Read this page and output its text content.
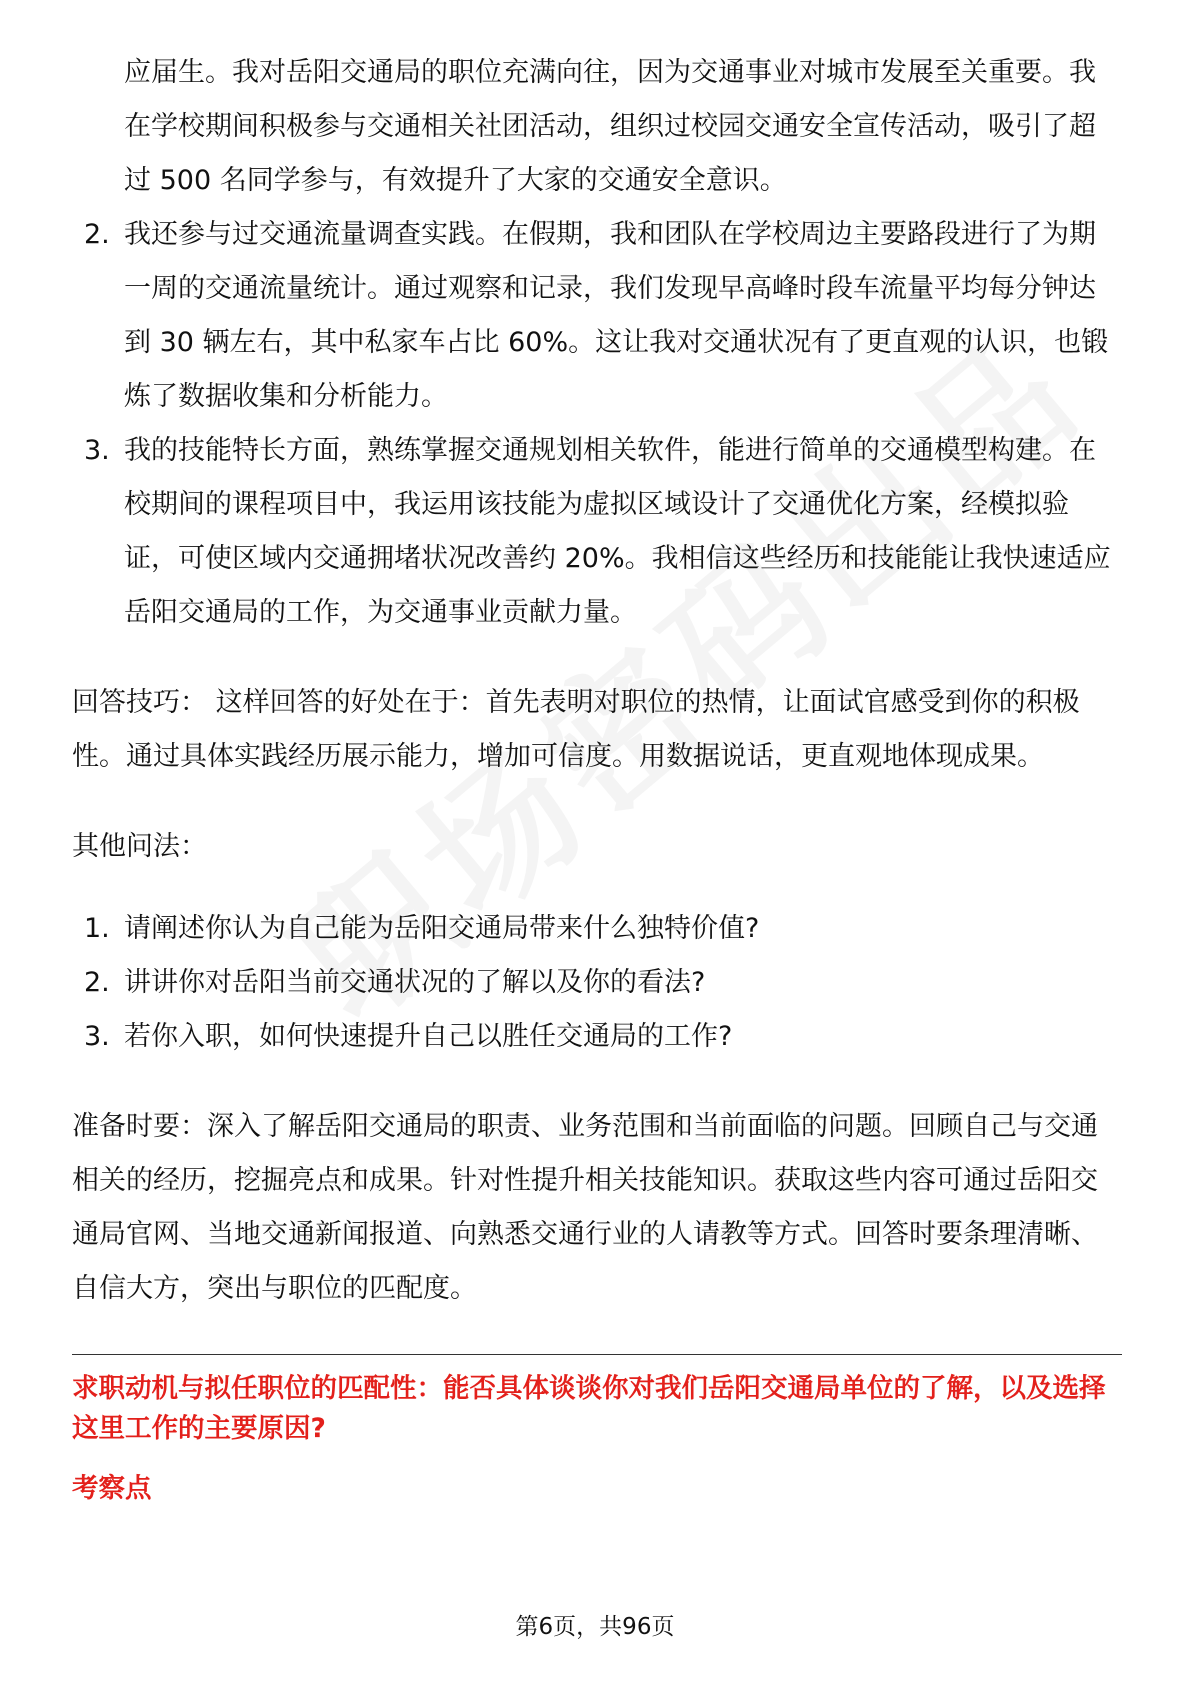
应届生。我对岳阳交通局的职位充满向往，因为交通事业对城市发展至关重要。我在学校期间积极参与交通相关社团活动，组织过校园交通安全宣传活动，吸引了超过 500 名同学参与，有效提升了大家的交通安全意识。
2. 我还参与过交通流量调查实践。在假期，我和团队在学校周边主要路段进行了为期一周的交通流量统计。通过观察和记录，我们发现早高峰时段车流量平均每分钟达到 30 辆左右，其中私家车占比 60%。这让我对交通状况有了更直观的认识，也锻炼了数据收集和分析能力。
3. 我的技能特长方面，熟练掌握交通规划相关软件，能进行简单的交通模型构建。在校期间的课程项目中，我运用该技能为虚拟区域设计了交通优化方案，经模拟验证，可使区域内交通拥堵状况改善约 20%。我相信这些经历和技能能让我快速适应岳阳交通局的工作，为交通事业贡献力量。

回答技巧： 这样回答的好处在于：首先表明对职位的热情，让面试官感受到你的积极性。通过具体实践经历展示能力，增加可信度。用数据说话，更直观地体现成果。

其他问法：

1. 请阐述你认为自己能为岳阳交通局带来什么独特价值?
2. 讲讲你对岳阳当前交通状况的了解以及你的看法?
3. 若你入职，如何快速提升自己以胜任交通局的工作?

准备时要：深入了解岳阳交通局的职责、业务范围和当前面临的问题。回顾自己与交通相关的经历，挖掘亮点和成果。针对性提升相关技能知识。获取这些内容可通过岳阳交通局官网、当地交通新闻报道、向熟悉交通行业的人请教等方式。回答时要条理清晰、自信大方，突出与职位的匹配度。

求职动机与拟任职位的匹配性：能否具体谈谈你对我们岳阳交通局单位的了解，以及选择这里工作的主要原因?

考察点
第6页，共96页
